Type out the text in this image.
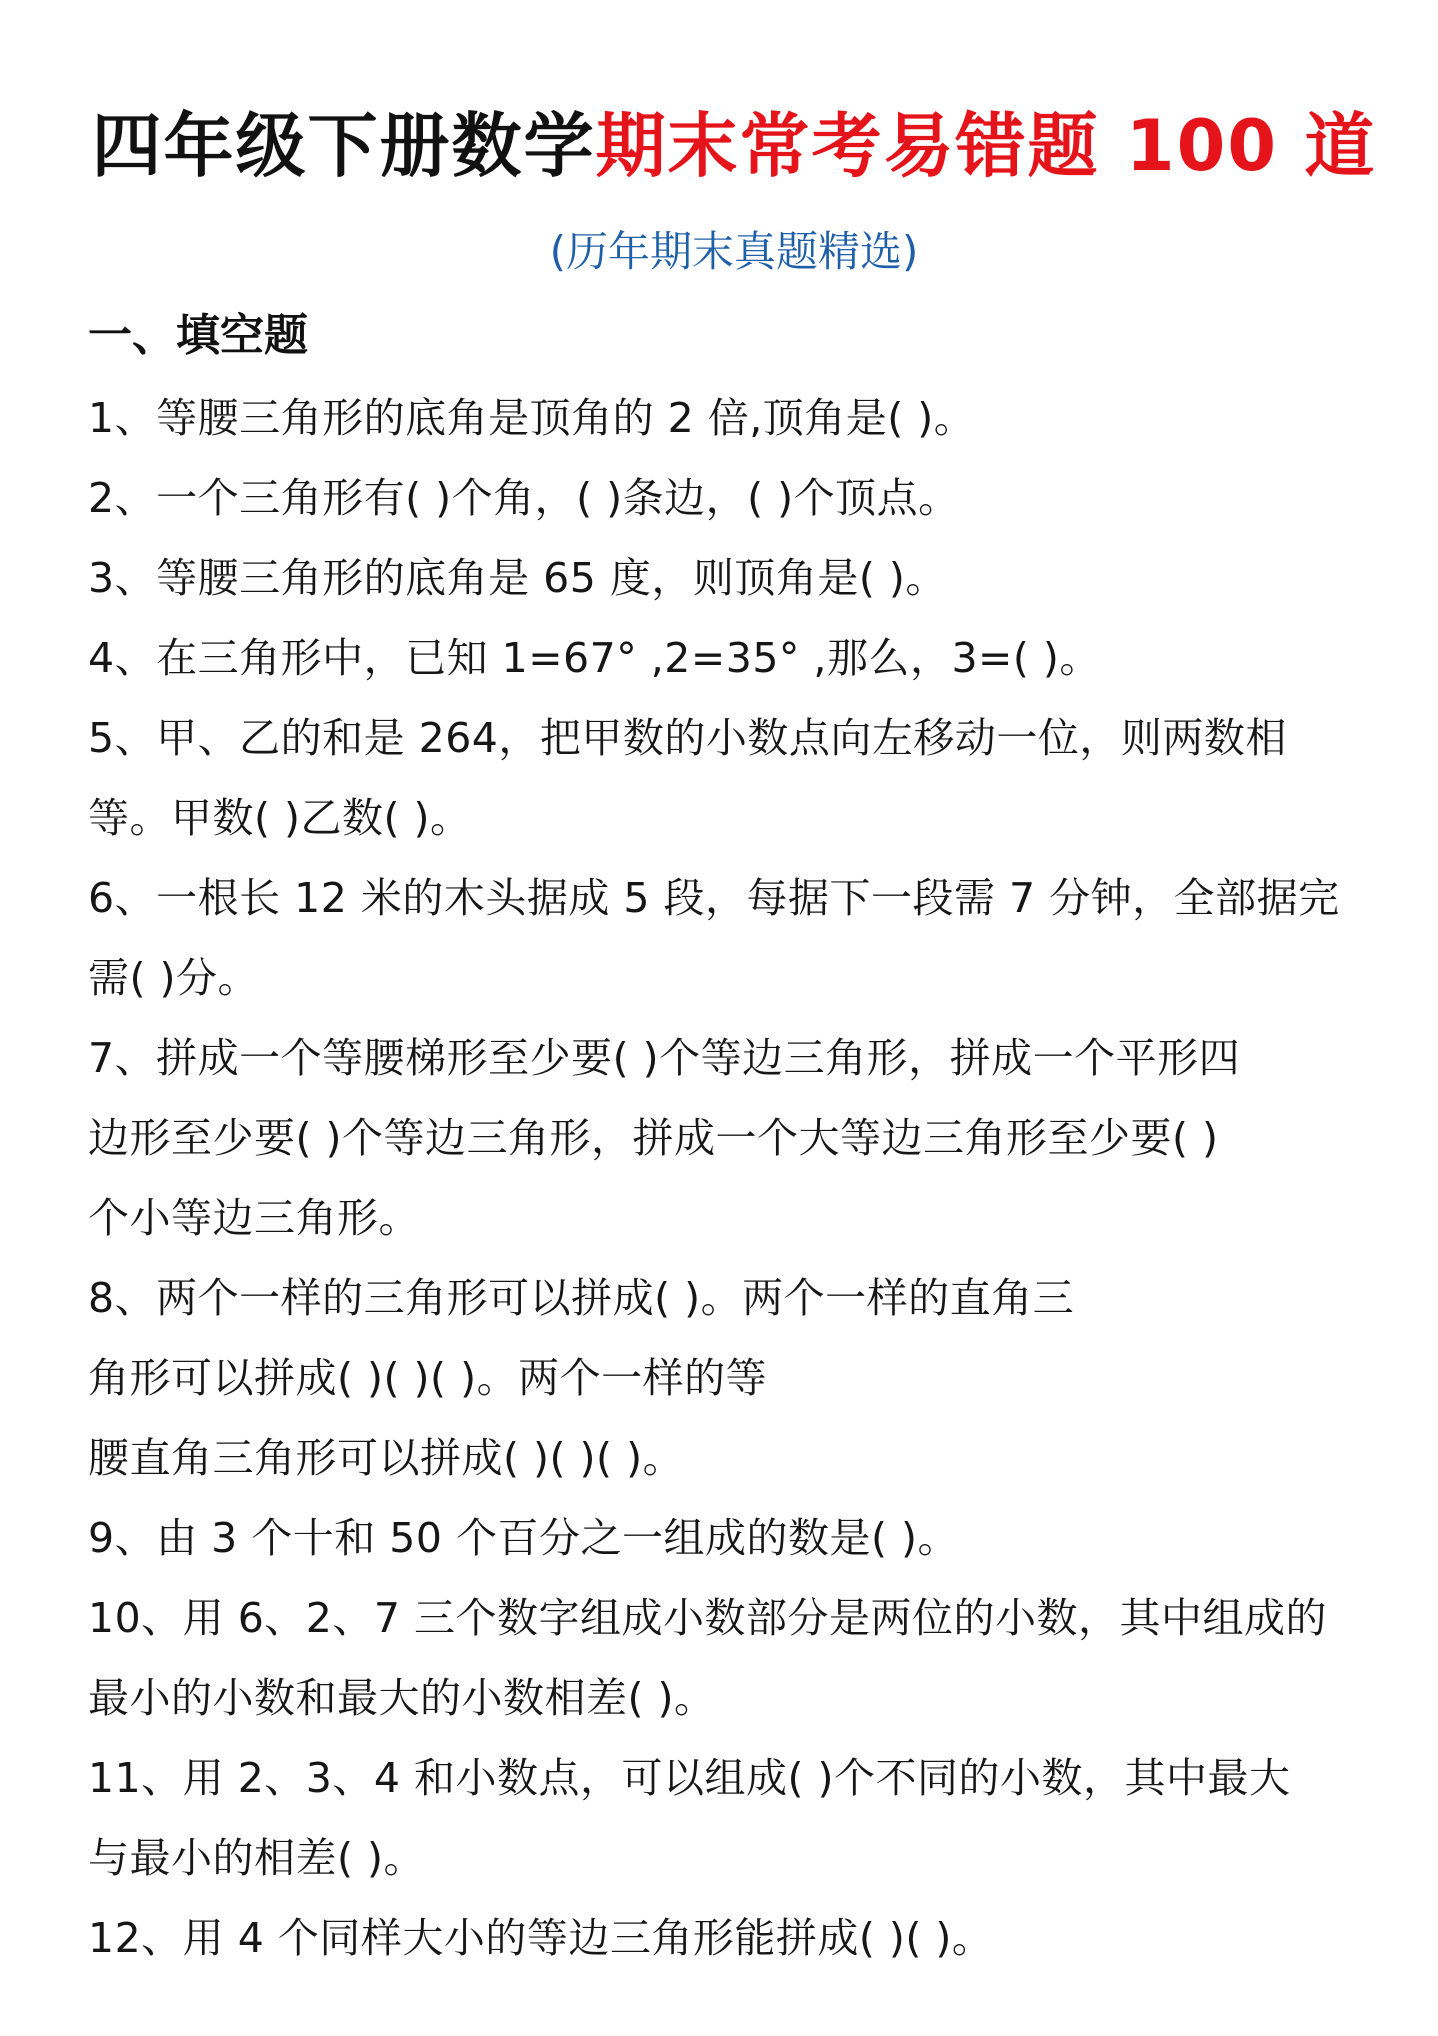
四年级下册数学期末常考易错题 100 道
(历年期末真题精选)
一、填空题
1、等腰三角形的底角是顶角的 2 倍,顶角是( )。
2、一个三角形有( )个角，( )条边，( )个顶点。
3、等腰三角形的底角是 65 度，则顶角是( )。
4、在三角形中，已知 1=67° ,2=35° ,那么，3=( )。
5、甲、乙的和是 264，把甲数的小数点向左移动一位，则两数相
等。甲数( )乙数( )。
6、一根长 12 米的木头据成 5 段，每据下一段需 7 分钟，全部据完
需( )分。
7、拼成一个等腰梯形至少要( )个等边三角形，拼成一个平形四
边形至少要( )个等边三角形，拼成一个大等边三角形至少要( )
个小等边三角形。
8、两个一样的三角形可以拼成( )。两个一样的直角三
角形可以拼成( )( )( )。两个一样的等
腰直角三角形可以拼成( )( )( )。
9、由 3 个十和 50 个百分之一组成的数是( )。
10、用 6、2、7 三个数字组成小数部分是两位的小数，其中组成的
最小的小数和最大的小数相差( )。
11、用 2、3、4 和小数点，可以组成( )个不同的小数，其中最大
与最小的相差( )。
12、用 4 个同样大小的等边三角形能拼成( )( )。
